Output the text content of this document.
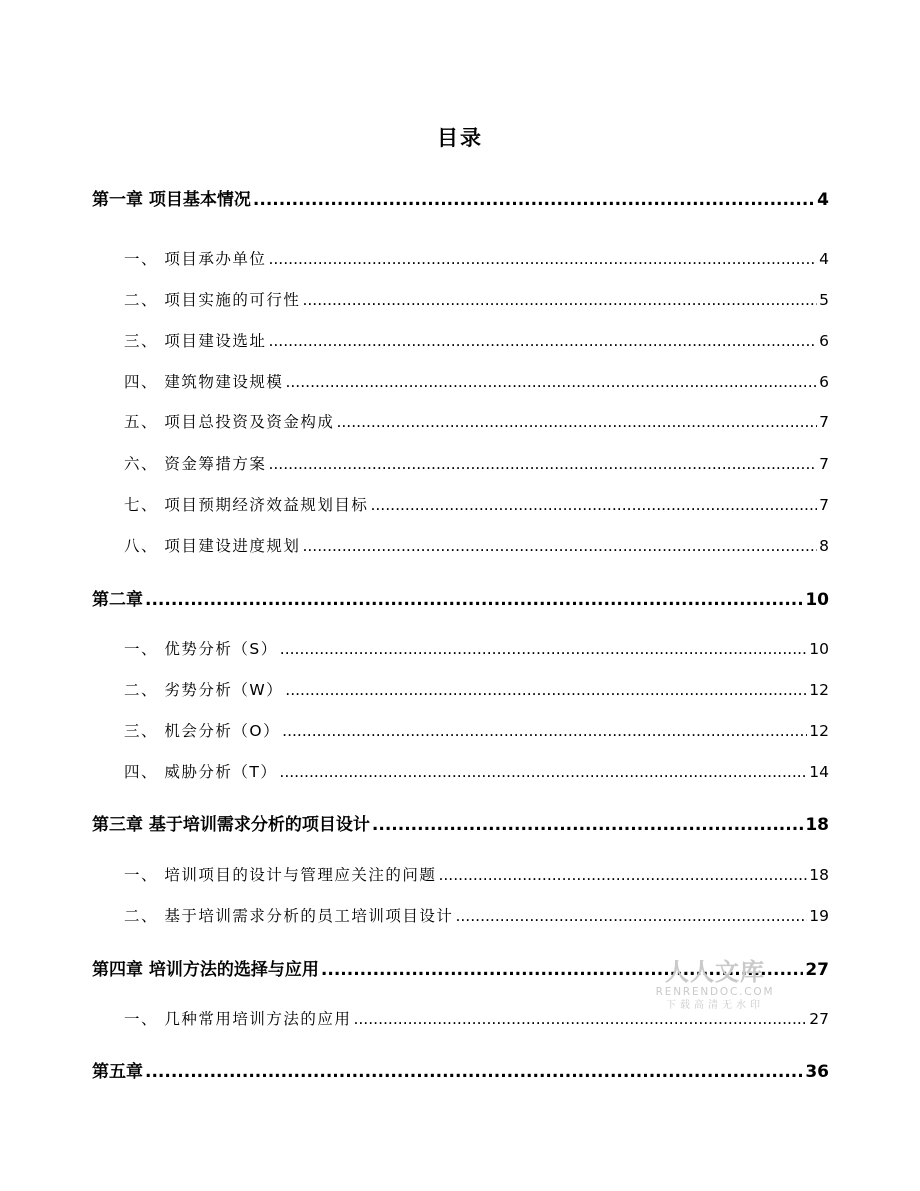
目录
第一章 项目基本情况 .....	4
一、 项目承办单位 .....	4
二、 项目实施的可行性 .....	5
三、 项目建设选址 .....	6
四、 建筑物建设规模 .....	6
五、 项目总投资及资金构成 .....	7
六、 资金筹措方案 .....	7
七、 项目预期经济效益规划目标 .....	7
八、 项目建设进度规划 .....	8
第二章 .....	10
一、 优势分析（S） .....	10
二、 劣势分析（W） .....	12
三、 机会分析（O） .....	12
四、 威胁分析（T） .....	14
第三章 基于培训需求分析的项目设计 .....	18
一、 培训项目的设计与管理应关注的问题 .....	18
二、 基于培训需求分析的员工培训项目设计 .....	19
第四章 培训方法的选择与应用 .....	27
一、 几种常用培训方法的应用 .....	27
第五章 .....	36
人人文库
RENRENDOC.COM
下载高清无水印
